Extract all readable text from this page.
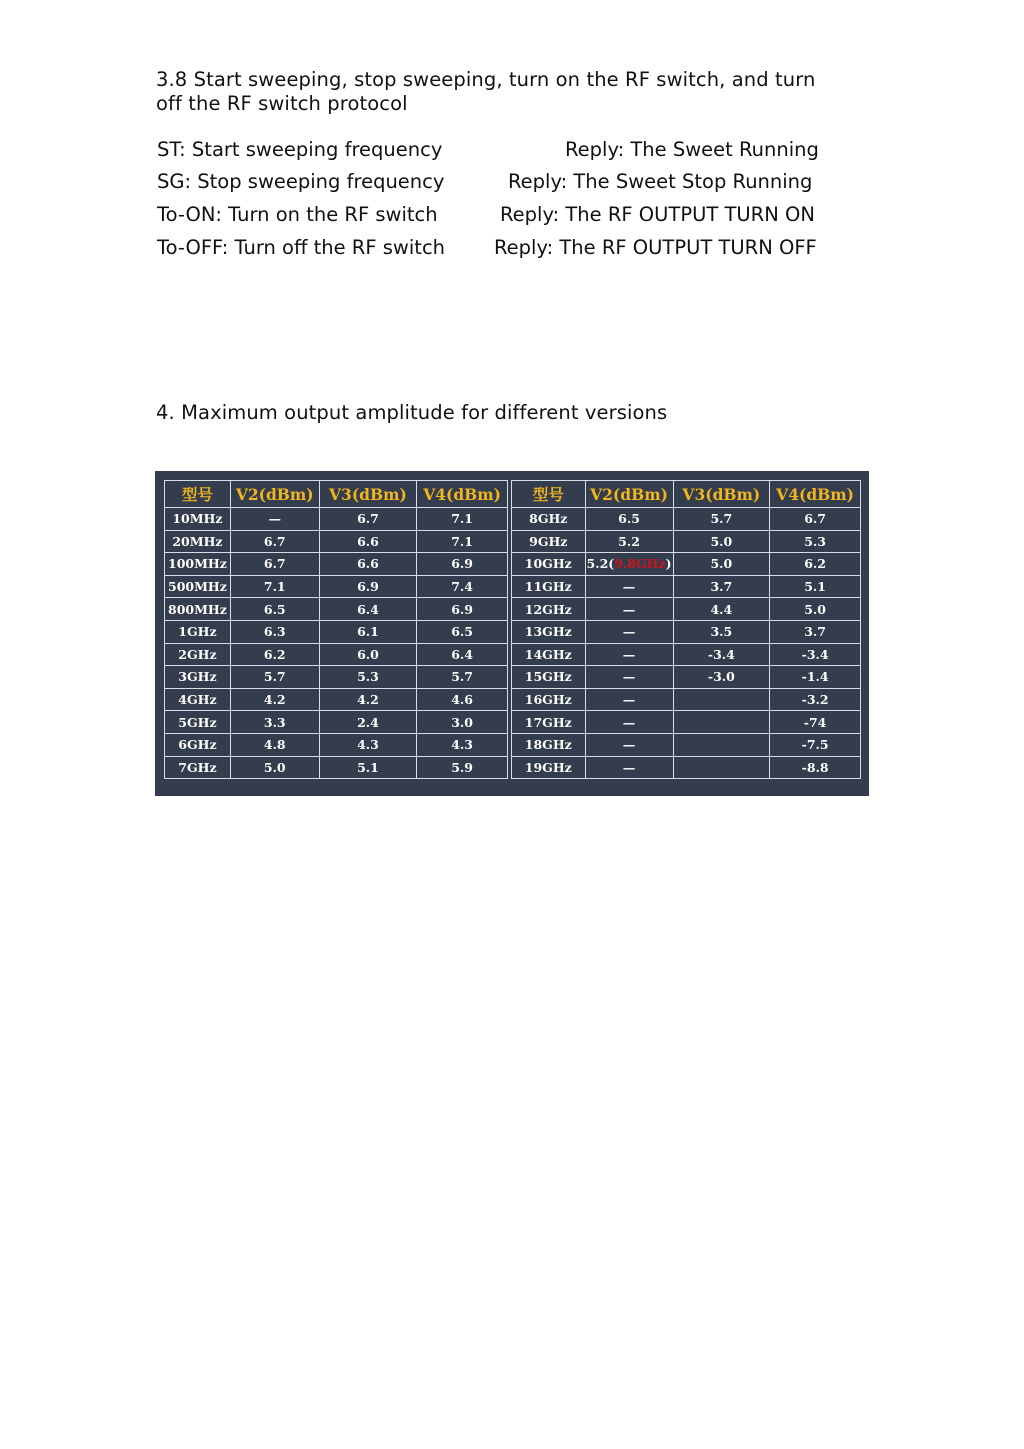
3.8 Start sweeping, stop sweeping, turn on the RF switch, and turn
off the RF switch protocol
ST: Start sweeping frequency	Reply: The Sweet Running
SG: Stop sweeping frequency	Reply: The Sweet Stop Running
To-ON: Turn on the RF switch	Reply: The RF OUTPUT TURN ON
To-OFF: Turn off the RF switch	Reply: The RF OUTPUT TURN OFF
4. Maximum output amplitude for different versions
型号	V2(dBm)	V3(dBm)	V4(dBm)
10MHz	—	6.7	7.1
20MHz	6.7	6.6	7.1
100MHz	6.7	6.6	6.9
500MHz	7.1	6.9	7.4
800MHz	6.5	6.4	6.9
1GHz	6.3	6.1	6.5
2GHz	6.2	6.0	6.4
3GHz	5.7	5.3	5.7
4GHz	4.2	4.2	4.6
5GHz	3.3	2.4	3.0
6GHz	4.8	4.3	4.3
7GHz	5.0	5.1	5.9
型号	V2(dBm)	V3(dBm)	V4(dBm)
8GHz	6.5	5.7	6.7
9GHz	5.2	5.0	5.3
10GHz	5.2(9.8GHz)	5.0	6.2
11GHz	—	3.7	5.1
12GHz	—	4.4	5.0
13GHz	—	3.5	3.7
14GHz	—	-3.4	-3.4
15GHz	—	-3.0	-1.4
16GHz	—		-3.2
17GHz	—		-74
18GHz	—		-7.5
19GHz	—		-8.8
